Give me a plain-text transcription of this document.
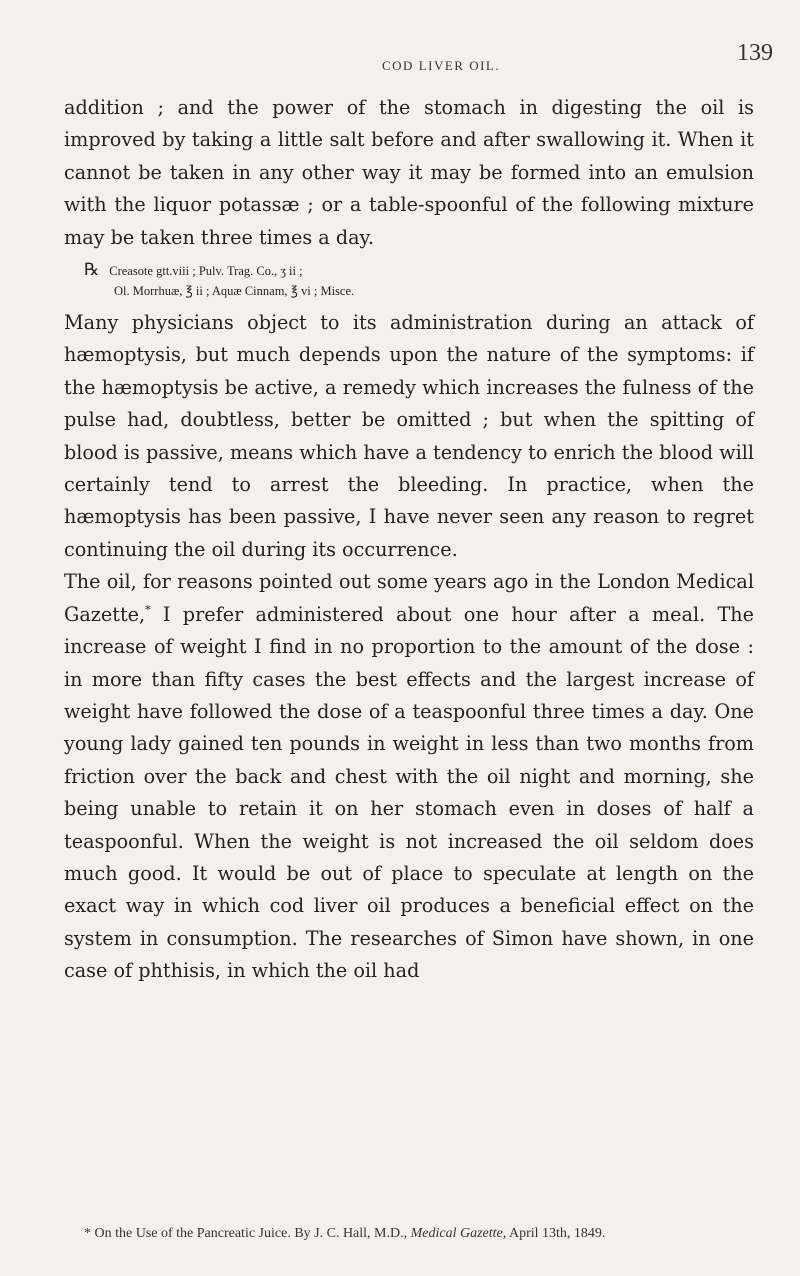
COD LIVER OIL.	139

addition ; and the power of the stomach in digesting the oil is improved by taking a little salt before and after swallowing it. When it cannot be taken in any other way it may be formed into an emulsion with the liquor potassæ ; or a table-spoonful of the following mixture may be taken three times a day.

℞ Creasote gtt.viii ; Pulv. Trag. Co., ʒ ii ;
Ol. Morrhuæ, ℥ ii ; Aquæ Cinnam, ℥ vi ; Misce.

Many physicians object to its administration during an attack of hæmoptysis, but much depends upon the nature of the symptoms: if the hæmoptysis be active, a remedy which increases the fulness of the pulse had, doubtless, better be omitted ; but when the spitting of blood is passive, means which have a tendency to enrich the blood will certainly tend to arrest the bleeding. In practice, when the hæmoptysis has been passive, I have never seen any reason to regret continuing the oil during its occurrence.

The oil, for reasons pointed out some years ago in the London Medical Gazette,* I prefer administered about one hour after a meal. The increase of weight I find in no proportion to the amount of the dose : in more than fifty cases the best effects and the largest increase of weight have followed the dose of a teaspoonful three times a day. One young lady gained ten pounds in weight in less than two months from friction over the back and chest with the oil night and morning, she being unable to retain it on her stomach even in doses of half a teaspoonful. When the weight is not increased the oil seldom does much good. It would be out of place to speculate at length on the exact way in which cod liver oil produces a beneficial effect on the system in consumption. The researches of Simon have shown, in one case of phthisis, in which the oil had

* On the Use of the Pancreatic Juice. By J. C. Hall, M.D., Medical Gazette, April 13th, 1849.
